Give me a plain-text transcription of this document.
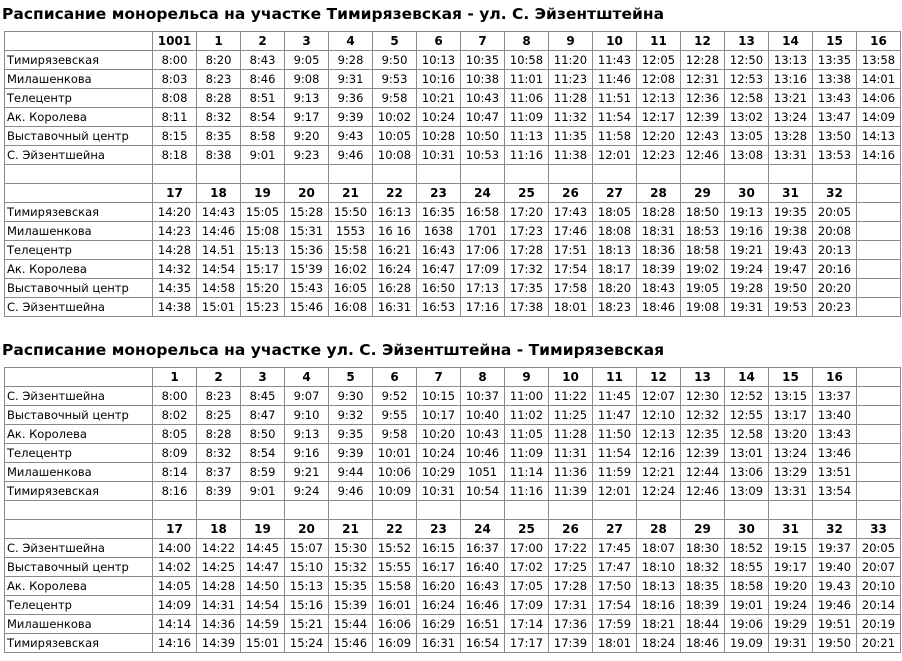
Расписание монорельса на участке Тимирязевская - ул. С. Эйзентштейна
	1001	1	2	3	4	5	6	7	8	9	10	11	12	13	14	15	16
Тимирязевская	8:00	8:20	8:43	9:05	9:28	9:50	10:13	10:35	10:58	11:20	11:43	12:05	12:28	12:50	13:13	13:35	13:58
Милашенкова	8:03	8:23	8:46	9:08	9:31	9:53	10:16	10:38	11:01	11:23	11:46	12:08	12:31	12:53	13:16	13:38	14:01
Телецентр	8:08	8:28	8:51	9:13	9:36	9:58	10:21	10:43	11:06	11:28	11:51	12:13	12:36	12:58	13:21	13:43	14:06
Ак. Королева	8:11	8:32	8:54	9:17	9:39	10:02	10:24	10:47	11:09	11:32	11:54	12:17	12:39	13:02	13:24	13:47	14:09
Выставочный центр	8:15	8:35	8:58	9:20	9:43	10:05	10:28	10:50	11:13	11:35	11:58	12:20	12:43	13:05	13:28	13:50	14:13
С. Эйзентшейна	8:18	8:38	9:01	9:23	9:46	10:08	10:31	10:53	11:16	11:38	12:01	12:23	12:46	13:08	13:31	13:53	14:16

	17	18	19	20	21	22	23	24	25	26	27	28	29	30	31	32	
Тимирязевская	14:20	14:43	15:05	15:28	15:50	16:13	16:35	16:58	17:20	17:43	18:05	18:28	18:50	19:13	19:35	20:05	
Милашенкова	14:23	14:46	15:08	15:31	1553	16 16	1638	1701	17:23	17:46	18:08	18:31	18:53	19:16	19:38	20:08	
Телецентр	14:28	14.51	15:13	15:36	15:58	16:21	16:43	17:06	17:28	17:51	18:13	18:36	18:58	19:21	19:43	20:13	
Ак. Королева	14:32	14:54	15:17	15'39	16:02	16:24	16:47	17:09	17:32	17:54	18:17	18:39	19:02	19:24	19:47	20:16	
Выставочный центр	14:35	14:58	15:20	15:43	16:05	16:28	16:50	17:13	17:35	17:58	18:20	18:43	19:05	19:28	19:50	20:20	
С. Эйзентшейна	14:38	15:01	15:23	15:46	16:08	16:31	16:53	17:16	17:38	18:01	18:23	18:46	19:08	19:31	19:53	20:23	
Расписание монорельса на участке ул. С. Эйзентштейна - Тимирязевская
	1	2	3	4	5	6	7	8	9	10	11	12	13	14	15	16	
С. Эйзентшейна	8:00	8:23	8:45	9:07	9:30	9:52	10:15	10:37	11:00	11:22	11:45	12:07	12:30	12:52	13:15	13:37	
Выставочный центр	8:02	8:25	8:47	9:10	9:32	9:55	10:17	10:40	11:02	11:25	11:47	12:10	12:32	12:55	13:17	13:40	
Ак. Королева	8:05	8:28	8:50	9:13	9:35	9:58	10:20	10:43	11:05	11:28	11:50	12:13	12:35	12.58	13:20	13:43	
Телецентр	8:09	8:32	8:54	9:16	9:39	10:01	10:24	10:46	11:09	11:31	11:54	12:16	12:39	13:01	13:24	13:46	
Милашенкова	8:14	8:37	8:59	9:21	9:44	10:06	10:29	1051	11:14	11:36	11:59	12:21	12:44	13:06	13:29	13:51	
Тимирязевская	8:16	8:39	9:01	9:24	9:46	10:09	10:31	10:54	11:16	11:39	12:01	12:24	12:46	13:09	13:31	13:54	

	17	18	19	20	21	22	23	24	25	26	27	28	29	30	31	32	33
С. Эйзентшейна	14:00	14:22	14:45	15:07	15:30	15:52	16:15	16:37	17:00	17:22	17:45	18:07	18:30	18:52	19:15	19:37	20:05
Выставочный центр	14:02	14:25	14:47	15:10	15:32	15:55	16:17	16:40	17:02	17:25	17:47	18:10	18:32	18:55	19:17	19:40	20:07
Ак. Королева	14:05	14:28	14:50	15:13	15:35	15:58	16:20	16:43	17:05	17:28	17:50	18:13	18:35	18:58	19:20	19.43	20:10
Телецентр	14:09	14:31	14:54	15:16	15:39	16:01	16:24	16:46	17:09	17:31	17:54	18:16	18:39	19:01	19:24	19:46	20:14
Милашенкова	14:14	14:36	14:59	15:21	15:44	16:06	16:29	16:51	17:14	17:36	17:59	18:21	18:44	19:06	19:29	19:51	20:19
Тимирязевская	14:16	14:39	15:01	15:24	15:46	16:09	16:31	16:54	17:17	17:39	18:01	18:24	18:46	19.09	19:31	19:50	20:21
